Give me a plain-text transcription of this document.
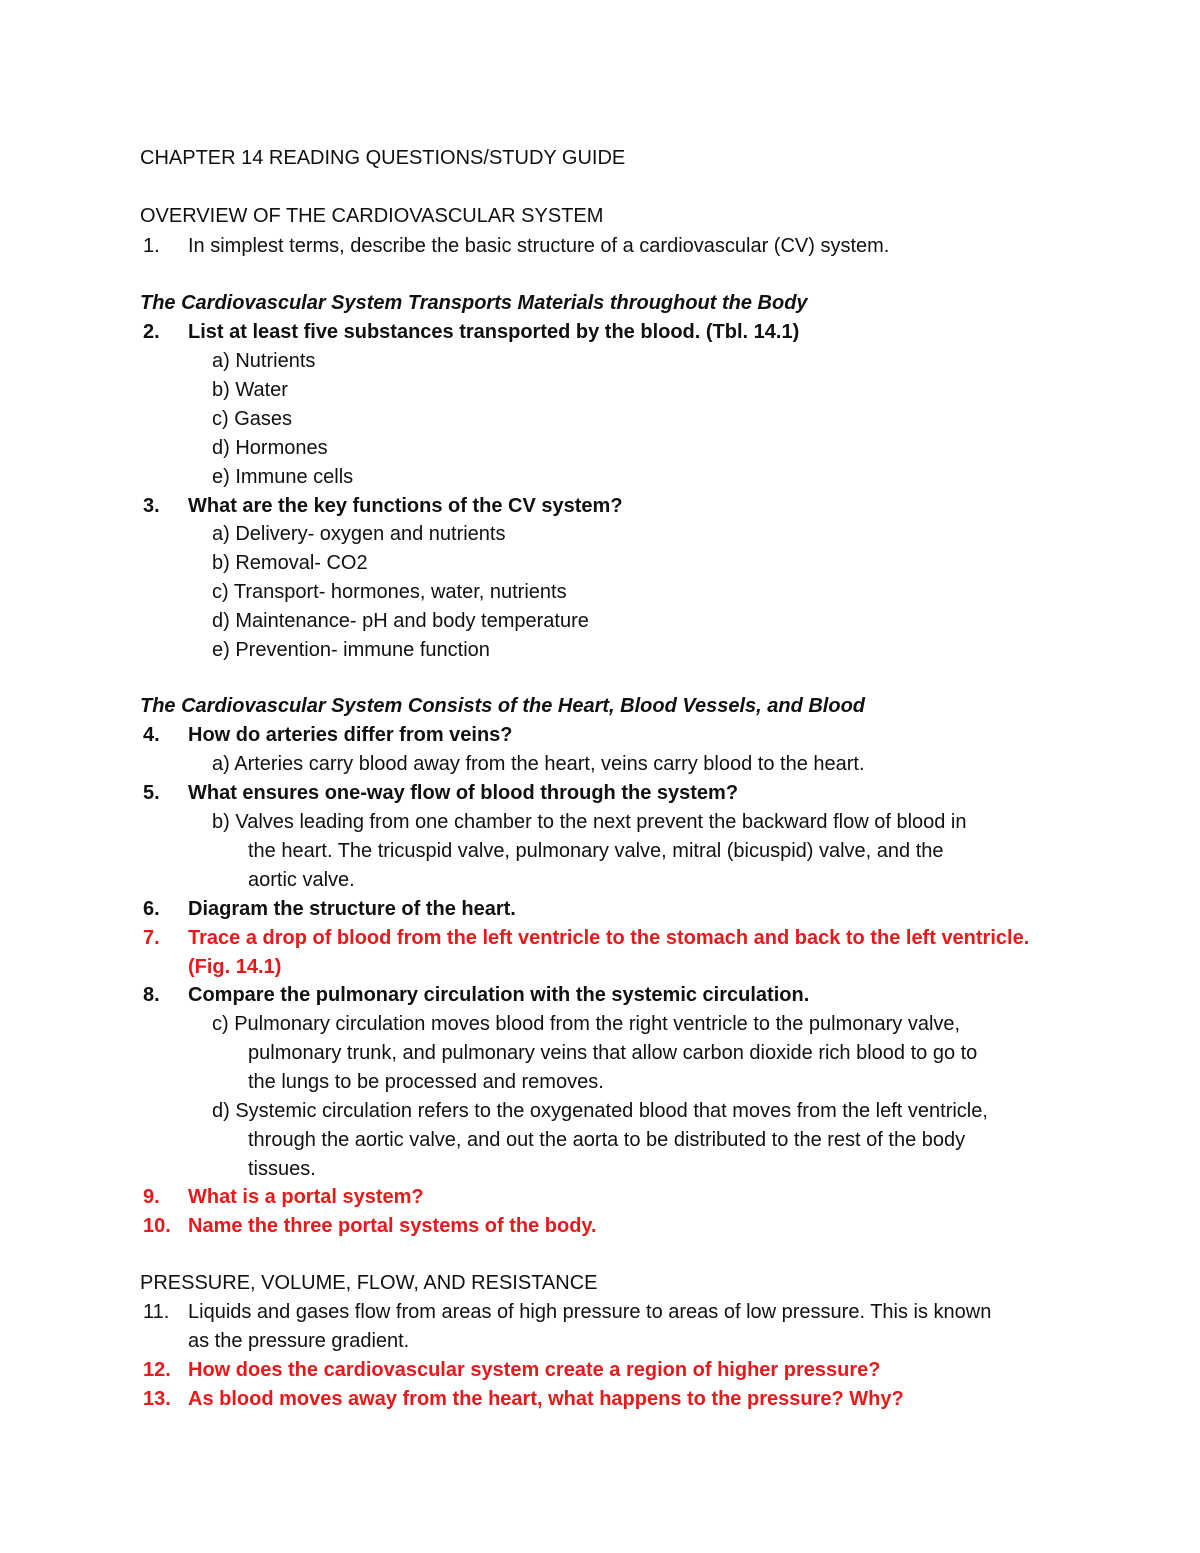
CHAPTER 14 READING QUESTIONS/STUDY GUIDE
OVERVIEW OF THE CARDIOVASCULAR SYSTEM
1. In simplest terms, describe the basic structure of a cardiovascular (CV) system.
The Cardiovascular System Transports Materials throughout the Body
2. List at least five substances transported by the blood. (Tbl. 14.1)
a) Nutrients
b) Water
c) Gases
d) Hormones
e) Immune cells
3. What are the key functions of the CV system?
a) Delivery- oxygen and nutrients
b) Removal- CO2
c) Transport- hormones, water, nutrients
d) Maintenance- pH and body temperature
e) Prevention- immune function
The Cardiovascular System Consists of the Heart, Blood Vessels, and Blood
4. How do arteries differ from veins?
a) Arteries carry blood away from the heart, veins carry blood to the heart.
5. What ensures one-way flow of blood through the system?
b) Valves leading from one chamber to the next prevent the backward flow of blood in
the heart. The tricuspid valve, pulmonary valve, mitral (bicuspid) valve, and the
aortic valve.
6. Diagram the structure of the heart.
7. Trace a drop of blood from the left ventricle to the stomach and back to the left ventricle.
(Fig. 14.1)
8. Compare the pulmonary circulation with the systemic circulation.
c) Pulmonary circulation moves blood from the right ventricle to the pulmonary valve,
pulmonary trunk, and pulmonary veins that allow carbon dioxide rich blood to go to
the lungs to be processed and removes.
d) Systemic circulation refers to the oxygenated blood that moves from the left ventricle,
through the aortic valve, and out the aorta to be distributed to the rest of the body
tissues.
9. What is a portal system?
10. Name the three portal systems of the body.
PRESSURE, VOLUME, FLOW, AND RESISTANCE
11. Liquids and gases flow from areas of high pressure to areas of low pressure. This is known
as the pressure gradient.
12. How does the cardiovascular system create a region of higher pressure?
13. As blood moves away from the heart, what happens to the pressure? Why?
